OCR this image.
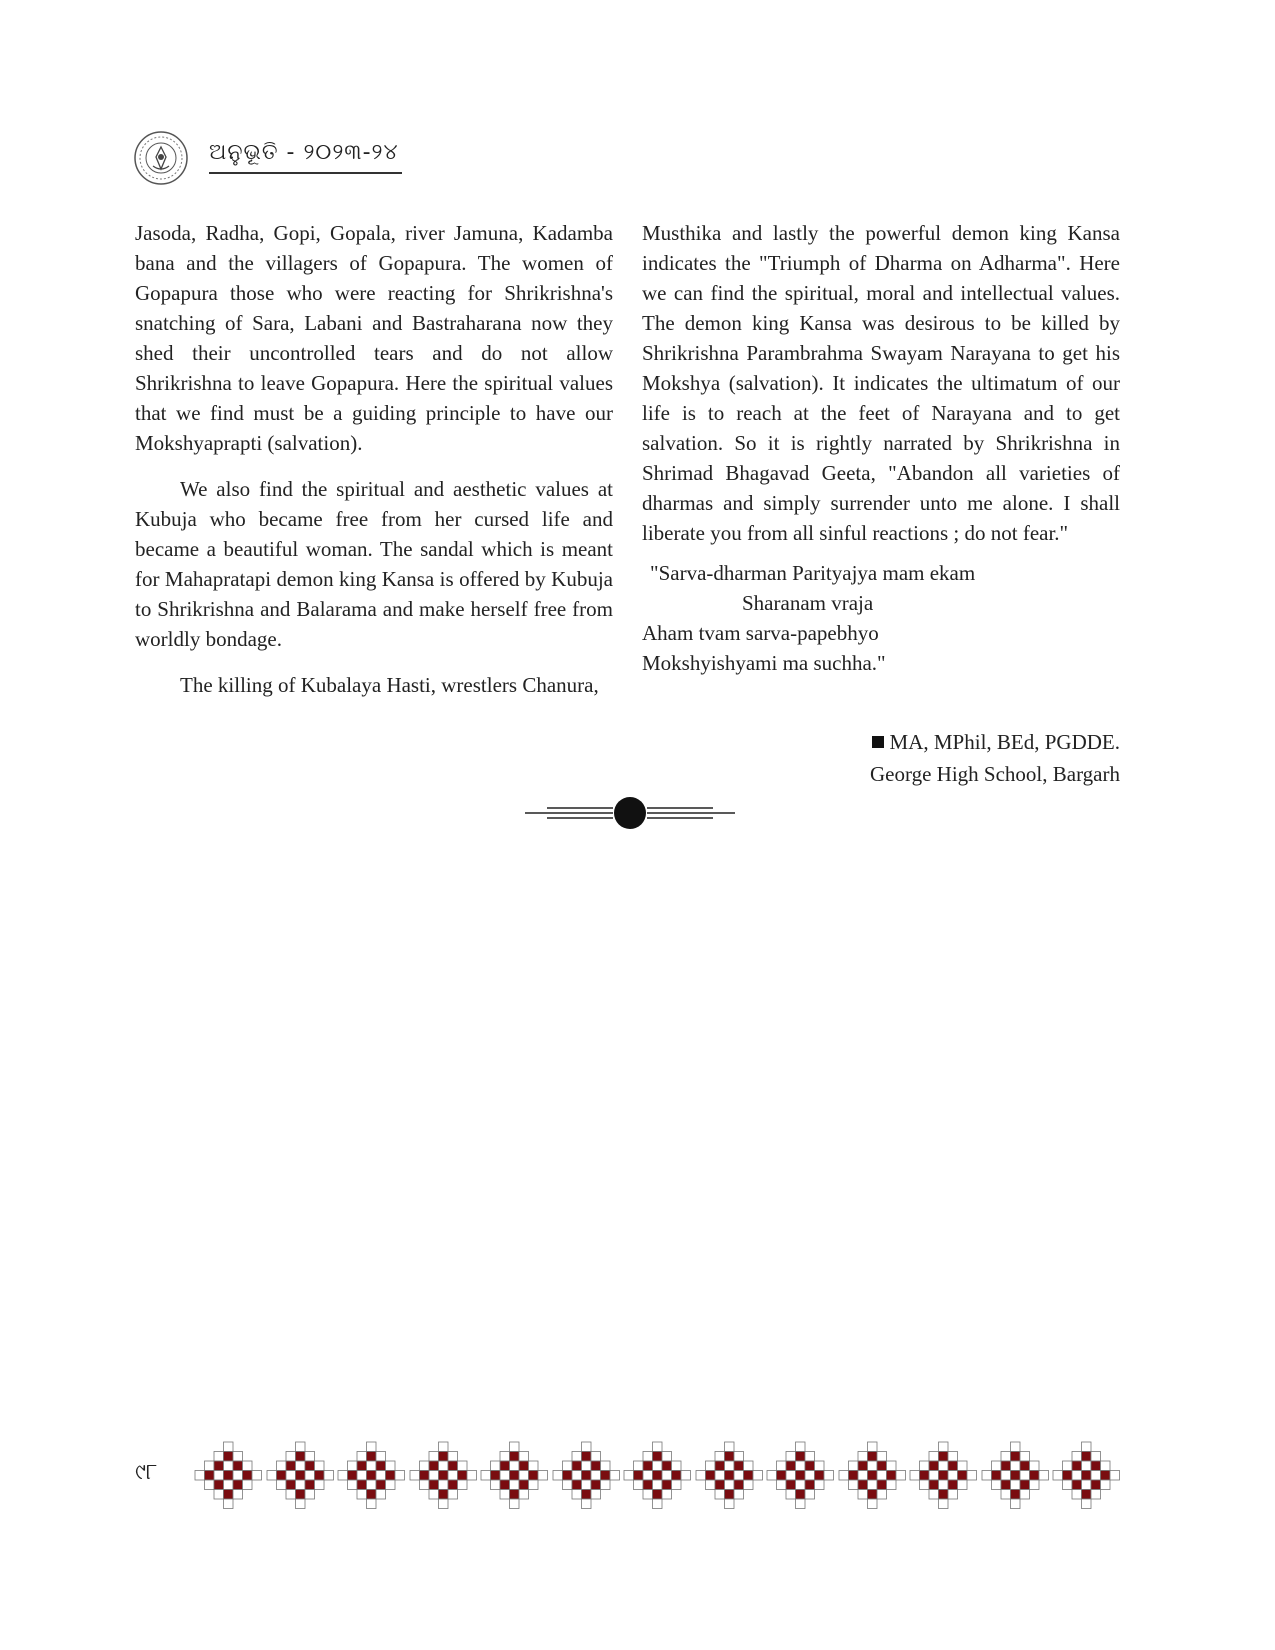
ଅନୁଭୂତି - ୨୦୨୩-୨୪

Jasoda, Radha, Gopi, Gopala, river Jamuna, Kadamba bana and the villagers of Gopapura. The women of Gopapura those who were reacting for Shrikrishna's snatching of Sara, Labani and Bastraharana now they shed their uncontrolled tears and do not allow Shrikrishna to leave Gopapura. Here the spiritual values that we find must be a guiding principle to have our Mokshyaprapti (salvation).

We also find the spiritual and aesthetic values at Kubuja who became free from her cursed life and became a beautiful woman. The sandal which is meant for Mahapratapi demon king Kansa is offered by Kubuja to Shrikrishna and Balarama and make herself free from worldly bondage.

The killing of Kubalaya Hasti, wrestlers Chanura,

Musthika and lastly the powerful demon king Kansa indicates the "Triumph of Dharma on Adharma". Here we can find the spiritual, moral and intellectual values. The demon king Kansa was desirous to be killed by Shrikrishna Parambrahma Swayam Narayana to get his Mokshya (salvation). It indicates the ultimatum of our life is to reach at the feet of Narayana and to get salvation. So it is rightly narrated by Shrikrishna in Shrimad Bhagavad Geeta, "Abandon all varieties of dharmas and simply surrender unto me alone. I shall liberate you from all sinful reactions ; do not fear."

"Sarva-dharman Parityajya mam ekam
Sharanam vraja
Aham tvam sarva-papebhyo
Mokshyishyami ma suchha."
MA, MPhil, BEd, PGDDE.
George High School, Bargarh
୯୮
